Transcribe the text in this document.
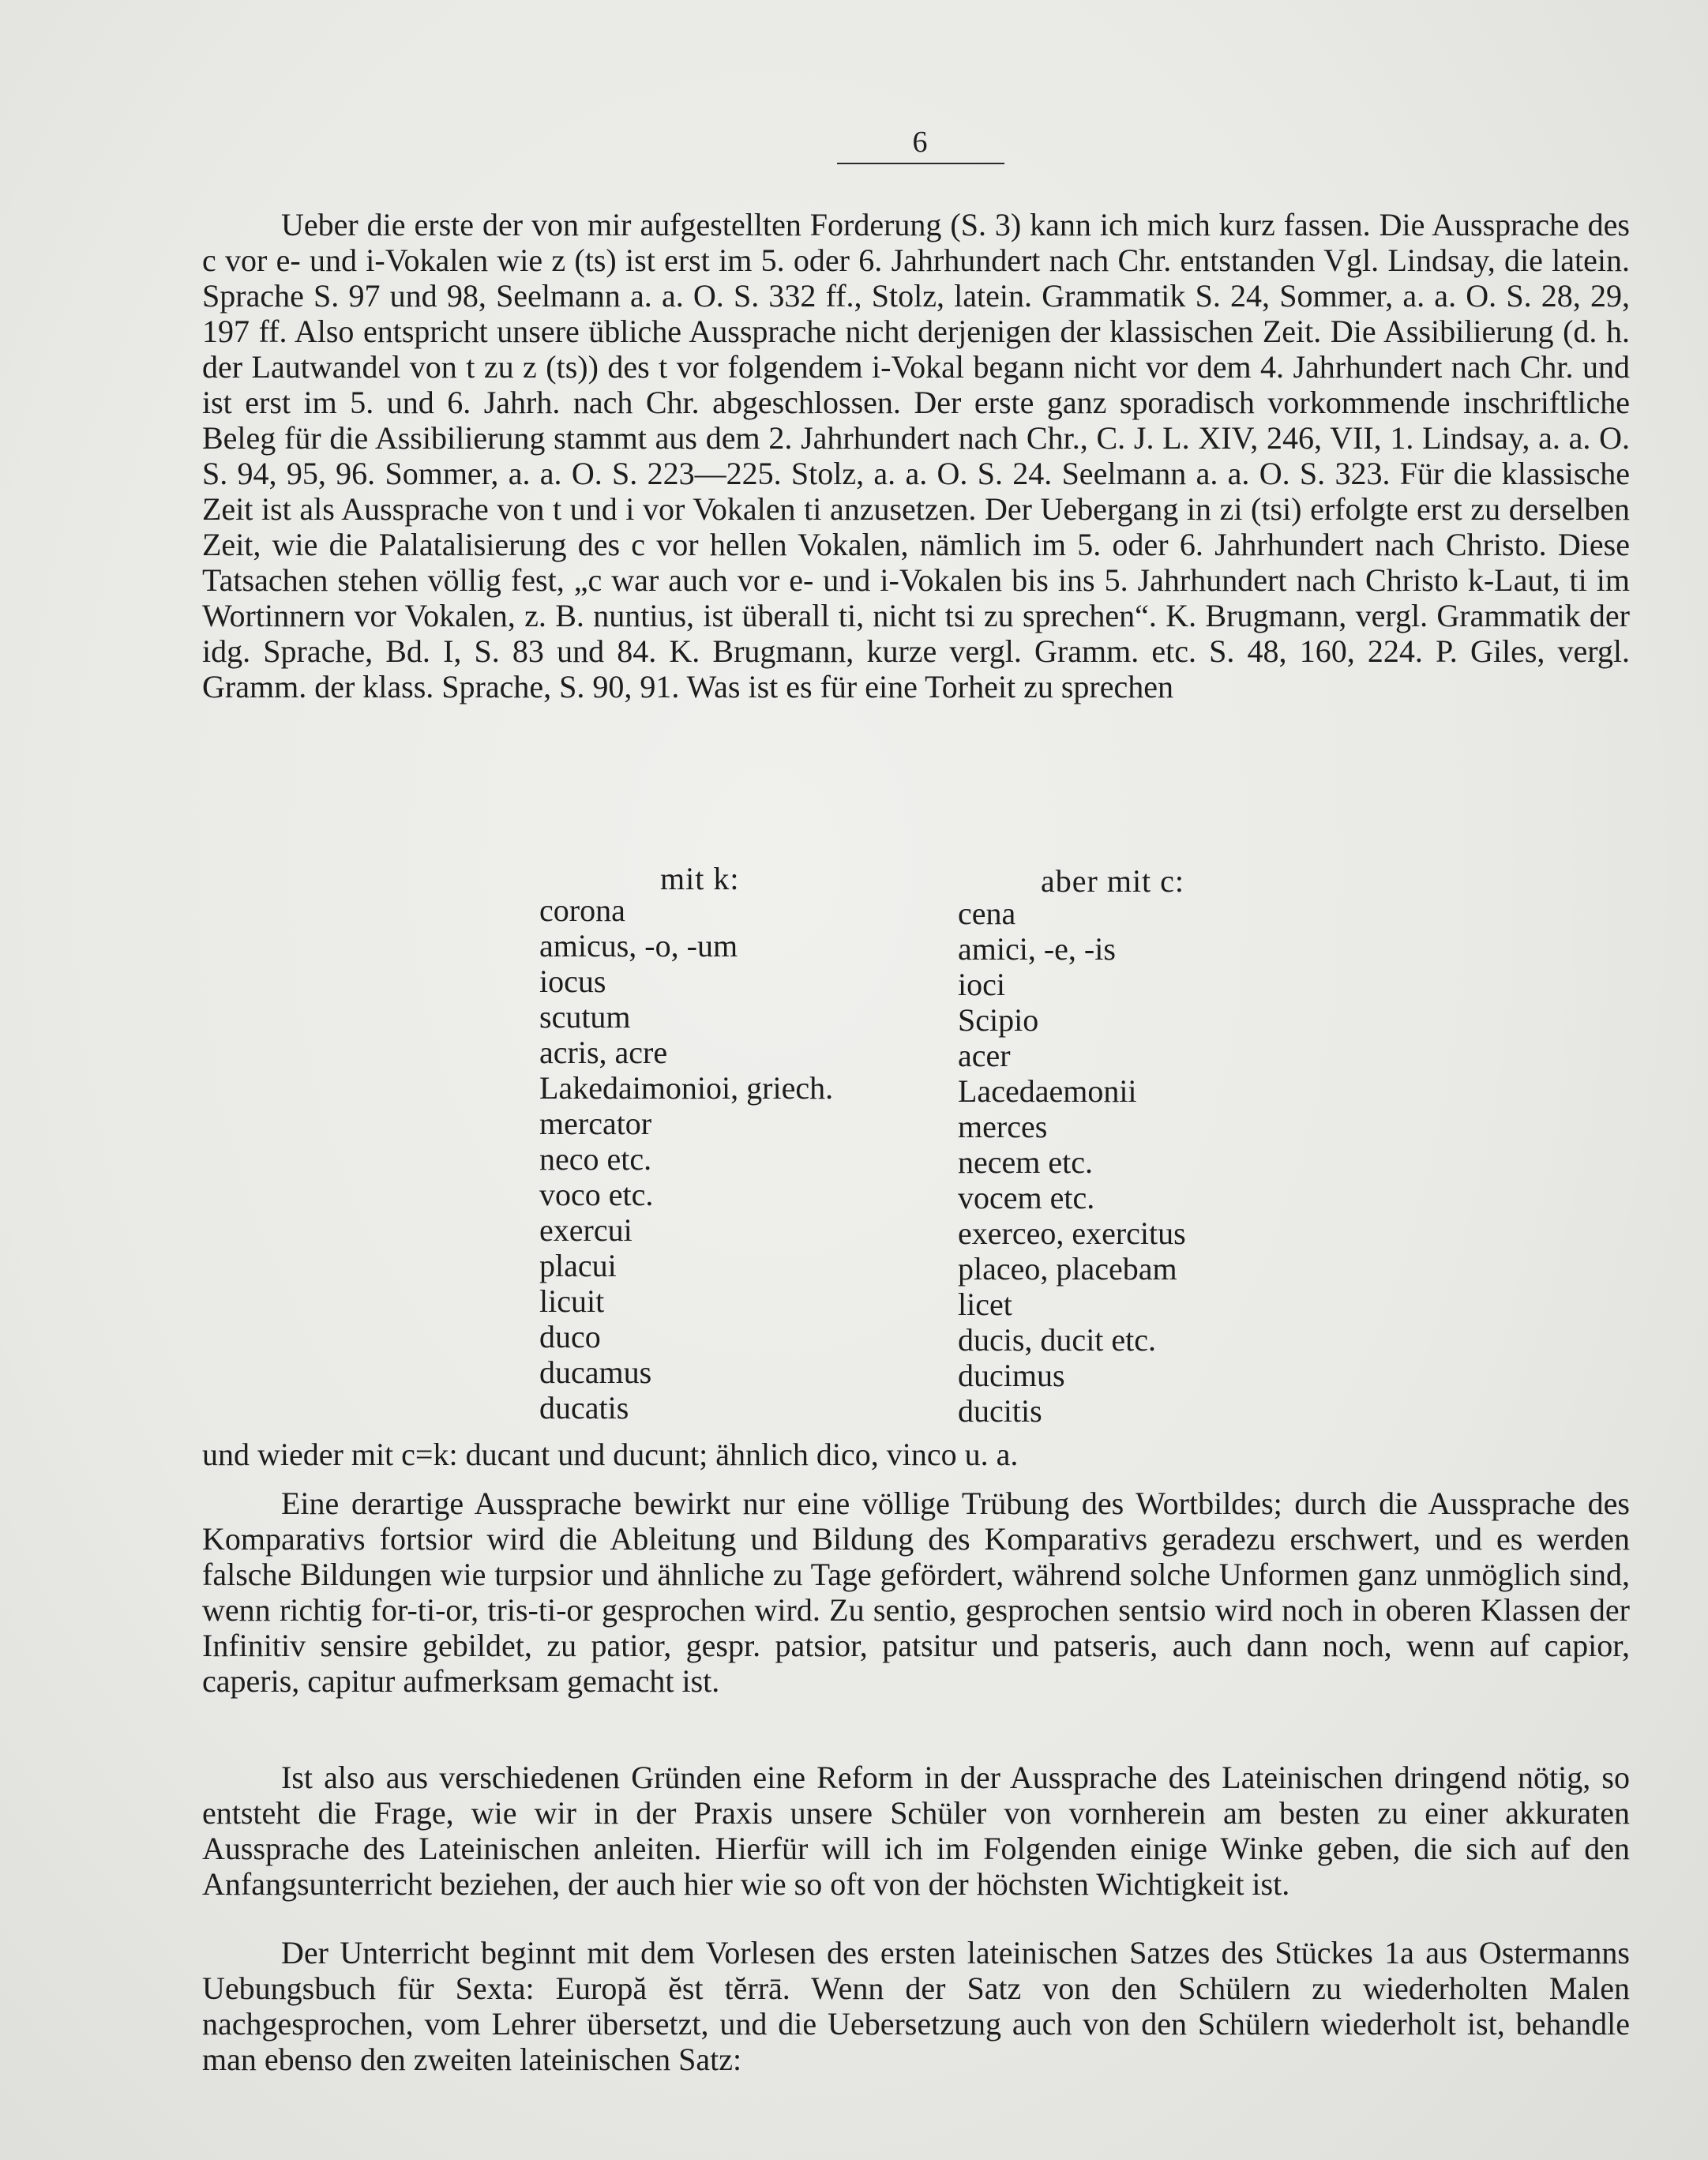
6

Ueber die erste der von mir aufgestellten Forderung (S. 3) kann ich mich kurz fassen. Die Aussprache des c vor e- und i-Vokalen wie z (ts) ist erst im 5. oder 6. Jahrhundert nach Chr. entstanden Vgl. Lindsay, die latein. Sprache S. 97 und 98, Seelmann a. a. O. S. 332 ff., Stolz, latein. Grammatik S. 24, Sommer, a. a. O. S. 28, 29, 197 ff. Also entspricht unsere übliche Aussprache nicht derjenigen der klassischen Zeit. Die Assibilierung (d. h. der Lautwandel von t zu z (ts)) des t vor folgendem i-Vokal begann nicht vor dem 4. Jahrhundert nach Chr. und ist erst im 5. und 6. Jahrh. nach Chr. abgeschlossen. Der erste ganz sporadisch vorkommende inschriftliche Beleg für die Assibilierung stammt aus dem 2. Jahrhundert nach Chr., C. J. L. XIV, 246, VII, 1. Lindsay, a. a. O. S. 94, 95, 96. Sommer, a. a. O. S. 223—225. Stolz, a. a. O. S. 24. Seelmann a. a. O. S. 323. Für die klassische Zeit ist als Aussprache von t und i vor Vokalen ti anzusetzen. Der Uebergang in zi (tsi) erfolgte erst zu derselben Zeit, wie die Palatalisierung des c vor hellen Vokalen, nämlich im 5. oder 6. Jahrhundert nach Christo. Diese Tatsachen stehen völlig fest, „c war auch vor e- und i-Vokalen bis ins 5. Jahrhundert nach Christo k-Laut, ti im Wortinnern vor Vokalen, z. B. nuntius, ist überall ti, nicht tsi zu sprechen“. K. Brugmann, vergl. Grammatik der idg. Sprache, Bd. I, S. 83 und 84. K. Brugmann, kurze vergl. Gramm. etc. S. 48, 160, 224. P. Giles, vergl. Gramm. der klass. Sprache, S. 90, 91. Was ist es für eine Torheit zu sprechen

mit k:	aber mit c:
corona
amicus, -o, -um
iocus
scutum
acris, acre
Lakedaimonioi, griech.
mercator
neco etc.
voco etc.
exercui
placui
licuit
duco
ducamus
ducatis
cena
amici, -e, -is
ioci
Scipio
acer
Lacedaemonii
merces
necem etc.
vocem etc.
exerceo, exercitus
placeo, placebam
licet
ducis, ducit etc.
ducimus
ducitis

und wieder mit c=k: ducant und ducunt; ähnlich dico, vinco u. a.

Eine derartige Aussprache bewirkt nur eine völlige Trübung des Wortbildes; durch die Aussprache des Komparativs fortsior wird die Ableitung und Bildung des Komparativs geradezu erschwert, und es werden falsche Bildungen wie turpsior und ähnliche zu Tage gefördert, während solche Unformen ganz unmöglich sind, wenn richtig for-ti-or, tris-ti-or gesprochen wird. Zu sentio, gesprochen sentsio wird noch in oberen Klassen der Infinitiv sensire gebildet, zu patior, gespr. patsior, patsitur und patseris, auch dann noch, wenn auf capior, caperis, capitur aufmerksam gemacht ist.

Ist also aus verschiedenen Gründen eine Reform in der Aussprache des Lateinischen dringend nötig, so entsteht die Frage, wie wir in der Praxis unsere Schüler von vornherein am besten zu einer akkuraten Aussprache des Lateinischen anleiten. Hierfür will ich im Folgenden einige Winke geben, die sich auf den Anfangsunterricht beziehen, der auch hier wie so oft von der höchsten Wichtigkeit ist.

Der Unterricht beginnt mit dem Vorlesen des ersten lateinischen Satzes des Stückes 1a aus Ostermanns Uebungsbuch für Sexta: Europă ĕst tĕrrā. Wenn der Satz von den Schülern zu wiederholten Malen nachgesprochen, vom Lehrer übersetzt, und die Uebersetzung auch von den Schülern wiederholt ist, behandle man ebenso den zweiten lateinischen Satz:
